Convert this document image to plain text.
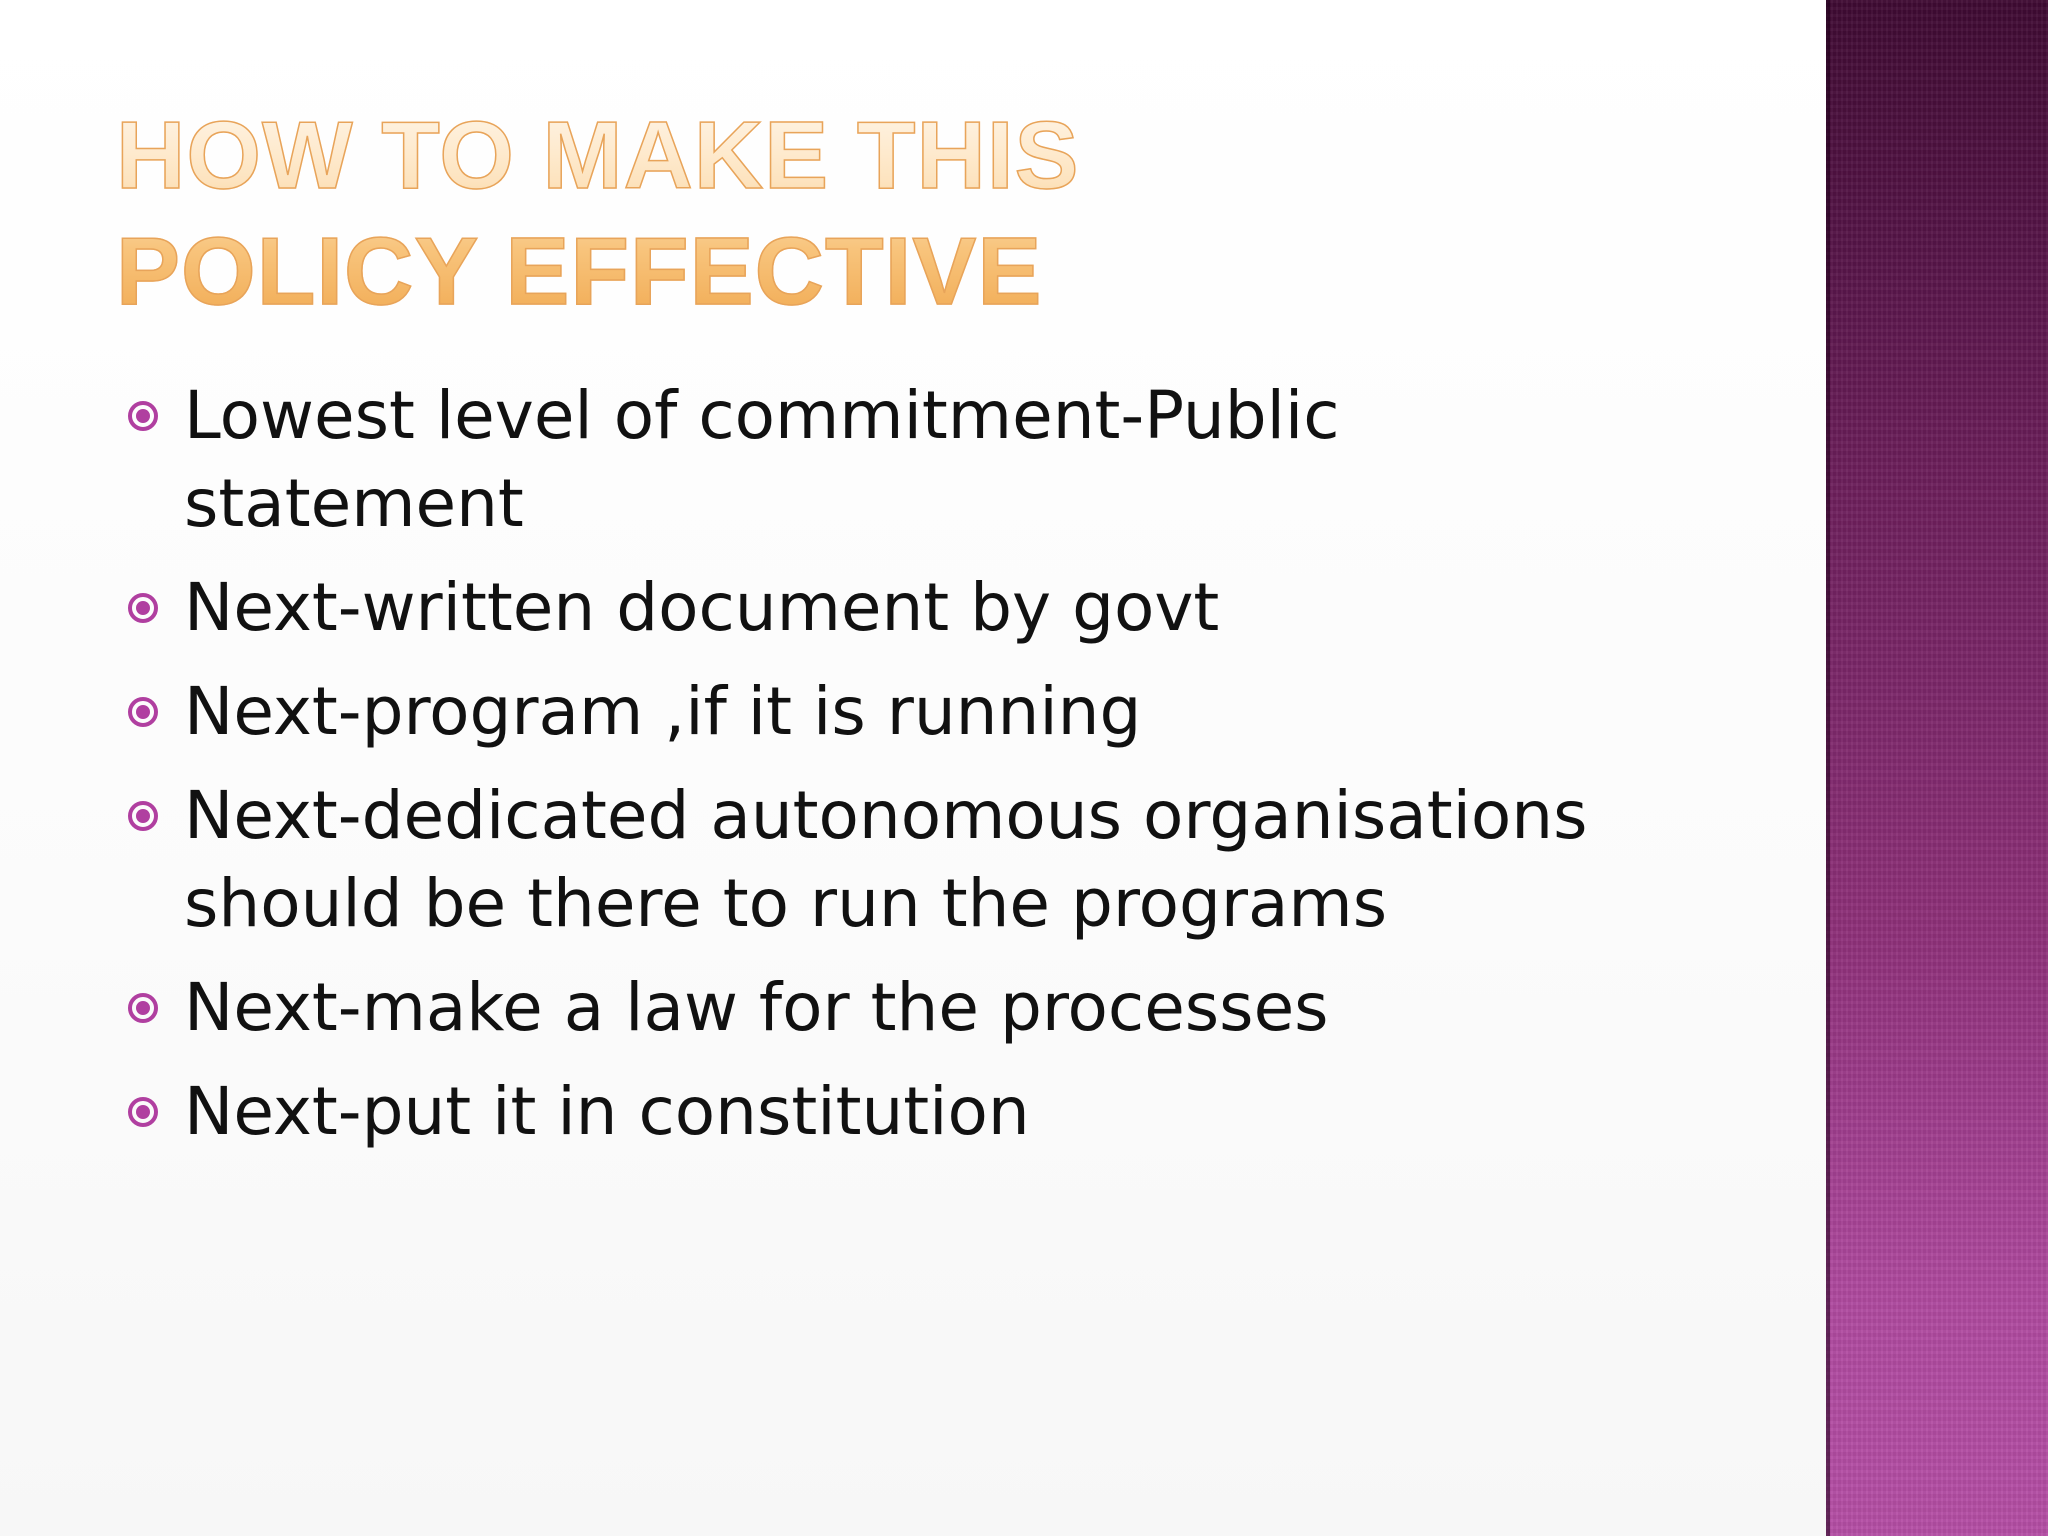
HOW TO MAKE THIS POLICY EFFECTIVE
Lowest level of commitment-Public statement
Next-written document by govt
Next-program ,if it is running
Next-dedicated autonomous organisations should be there to run the programs
Next-make a law for the processes
Next-put it in constitution
